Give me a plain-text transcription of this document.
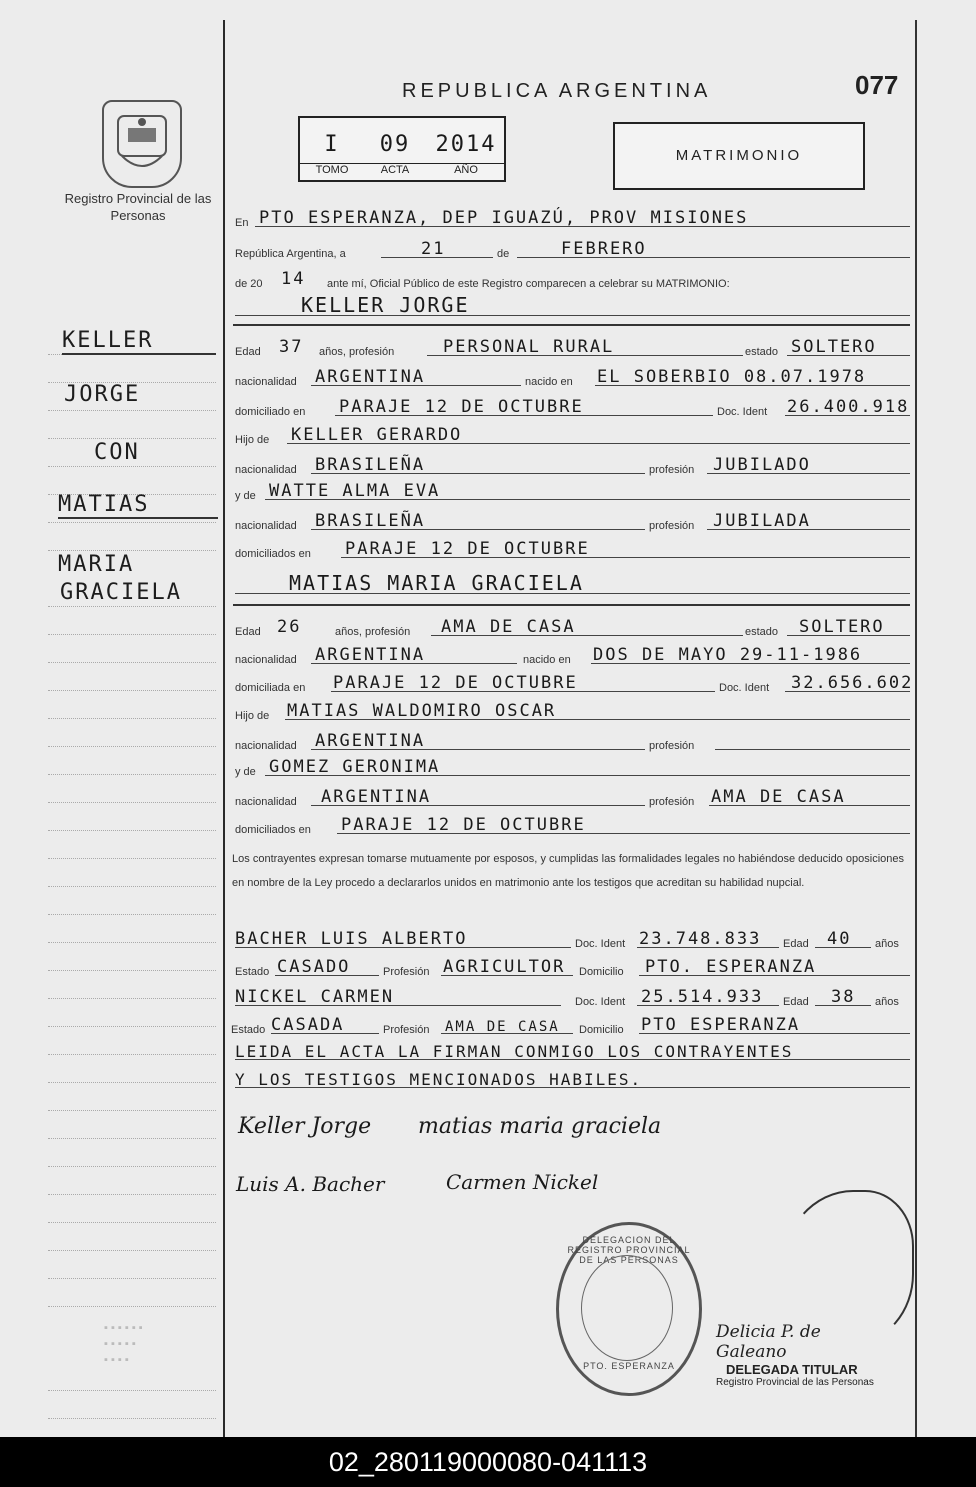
Registro Provincial de las Personas
KELLER
JORGE
CON
MATIAS
MARIA
GRACIELA
▪ ▪ ▪ ▪ ▪ ▪
▪ ▪ ▪ ▪ ▪
▪ ▪ ▪ ▪
REPUBLICA ARGENTINA	077
I
TOMO
09
ACTA
2014
AÑO
MATRIMONIO
En PTO ESPERANZA, DEP IGUAZÚ, PROV MISIONES
República Argentina, a	21	de	FEBRERO
de 20 14 ante mí, Oficial Público de este Registro comparecen a celebrar su MATRIMONIO:
KELLER JORGE
Edad 37 años, profesión	PERSONAL RURAL	estado SOLTERO
nacionalidad ARGENTINA	nacido en EL SOBERBIO 08.07.1978
domiciliado en PARAJE 12 DE OCTUBRE	Doc. Ident 26.400.918
Hijo de KELLER GERARDO
nacionalidad BRASILEÑA	profesión JUBILADO
y de WATTE ALMA EVA
nacionalidad BRASILEÑA	profesión JUBILADA
domiciliados en PARAJE 12 DE OCTUBRE
MATIAS MARIA GRACIELA
Edad 26	años, profesión AMA DE CASA	estado SOLTERO
nacionalidad ARGENTINA	nacido en DOS DE MAYO 29-11-1986
domiciliada en PARAJE 12 DE OCTUBRE	Doc. Ident 32.656.602
Hijo de MATIAS WALDOMIRO OSCAR
nacionalidad ARGENTINA	profesión
y de GOMEZ GERONIMA
nacionalidad ARGENTINA	profesión AMA DE CASA
domiciliados en PARAJE 12 DE OCTUBRE
Los contrayentes expresan tomarse mutuamente por esposos, y cumplidas las formalidades legales no habiéndose deducido oposiciones en nombre de la Ley procedo a declararlos unidos en matrimonio ante los testigos que acreditan su habilidad nupcial.
BACHER LUIS ALBERTO	Doc. Ident 23.748.833 Edad 40 años
Estado CASADO	Profesión AGRICULTOR Domicilio PTO. ESPERANZA
NICKEL CARMEN	Doc. Ident 25.514.933 Edad 38 años
Estado CASADA	Profesión AMA DE CASA Domicilio PTO ESPERANZA
LEIDA EL ACTA LA FIRMAN CONMIGO LOS CONTRAYENTES
Y LOS TESTIGOS MENCIONADOS HABILES.
Keller Jorge matias maria graciela
Luis A. Bacher	Carmen Nickel
DELEGACION DEL REGISTRO PROVINCIAL DE LAS PERSONAS
PTO. ESPERANZA
Delicia P. de Galeano
DELEGADA TITULAR
Registro Provincial de las Personas
02_280119000080-041113
